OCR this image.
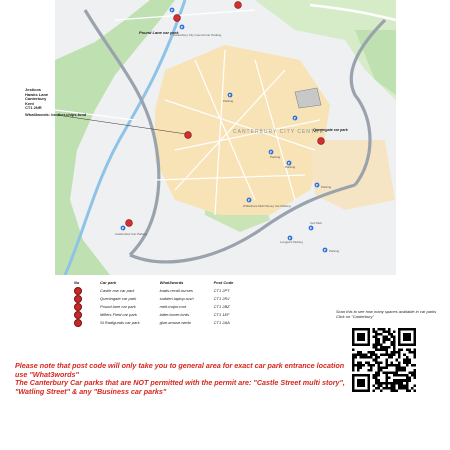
CANTERBURY CITY CENTRE
P
P
P
P
P
P
P
P
P
P
P
P
Pound Lane car park
Canterbury City Council Car Parking
Parking
Parking
Parking
Parking
Queningate car park
Castle Row Car Parking
Whitefriars Multi Storey Car Parking
Car Park
Longport Parking
Parking
Jesticos
Hawks Lane
Canterbury
Kent
CT1 2NR
What3words: brother.chips.fond
No	Car park	What3words	Post Code
	Castle row car park	loads.recall.nurses	CT1 2PT
	Queningate car park	sudden.laptop.rush	CT1 2RJ
	Pound lane car park	melt.major.root	CT1 2BZ
	Millers Field car park	latter.boxer.lords	CT1 1EF
	St Radigunds car park	glue.amuse.wedo	CT1 2AA
Scan this to see how many spaces available in car parks Click on "Canterbury"
Please note that post code will only take you to general area for exact car park entrance location use "What3words"
The Canterbury Car parks that are NOT permitted with the permit are: "Castle Street multi story", "Watling Street" & any "Business car parks"
